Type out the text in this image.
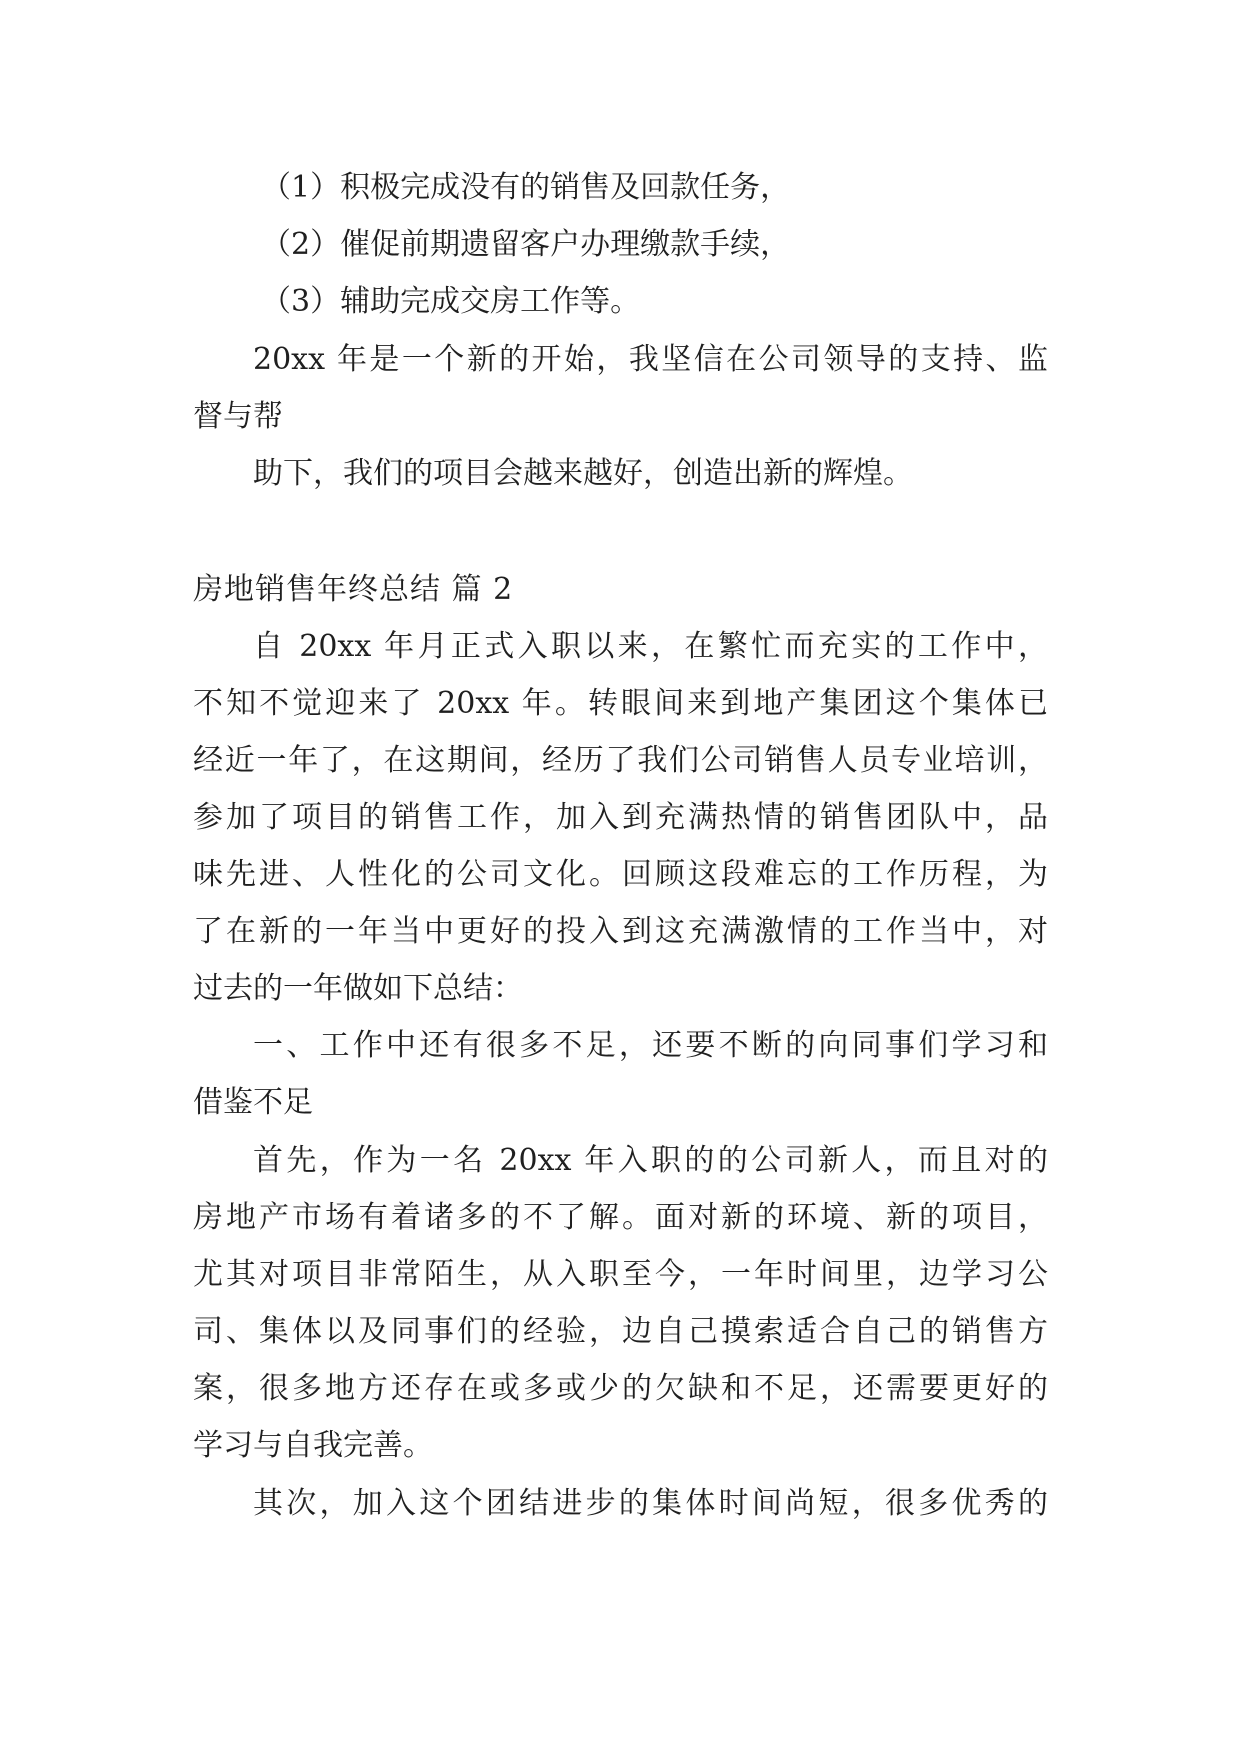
（1）积极完成没有的销售及回款任务，
（2）催促前期遗留客户办理缴款手续，
（3）辅助完成交房工作等。
20xx 年是一个新的开始，我坚信在公司领导的支持、监
督与帮
助下，我们的项目会越来越好，创造出新的辉煌。
房地销售年终总结 篇 2
自 20xx 年月正式入职以来，在繁忙而充实的工作中，
不知不觉迎来了 20xx 年。转眼间来到地产集团这个集体已
经近一年了，在这期间，经历了我们公司销售人员专业培训，
参加了项目的销售工作，加入到充满热情的销售团队中，品
味先进、人性化的公司文化。回顾这段难忘的工作历程，为
了在新的一年当中更好的投入到这充满激情的工作当中，对
过去的一年做如下总结：
一、工作中还有很多不足，还要不断的向同事们学习和
借鉴不足
首先，作为一名 20xx 年入职的的公司新人，而且对的
房地产市场有着诸多的不了解。面对新的环境、新的项目，
尤其对项目非常陌生，从入职至今，一年时间里，边学习公
司、集体以及同事们的经验，边自己摸索适合自己的销售方
案，很多地方还存在或多或少的欠缺和不足，还需要更好的
学习与自我完善。
其次，加入这个团结进步的集体时间尚短，很多优秀的
